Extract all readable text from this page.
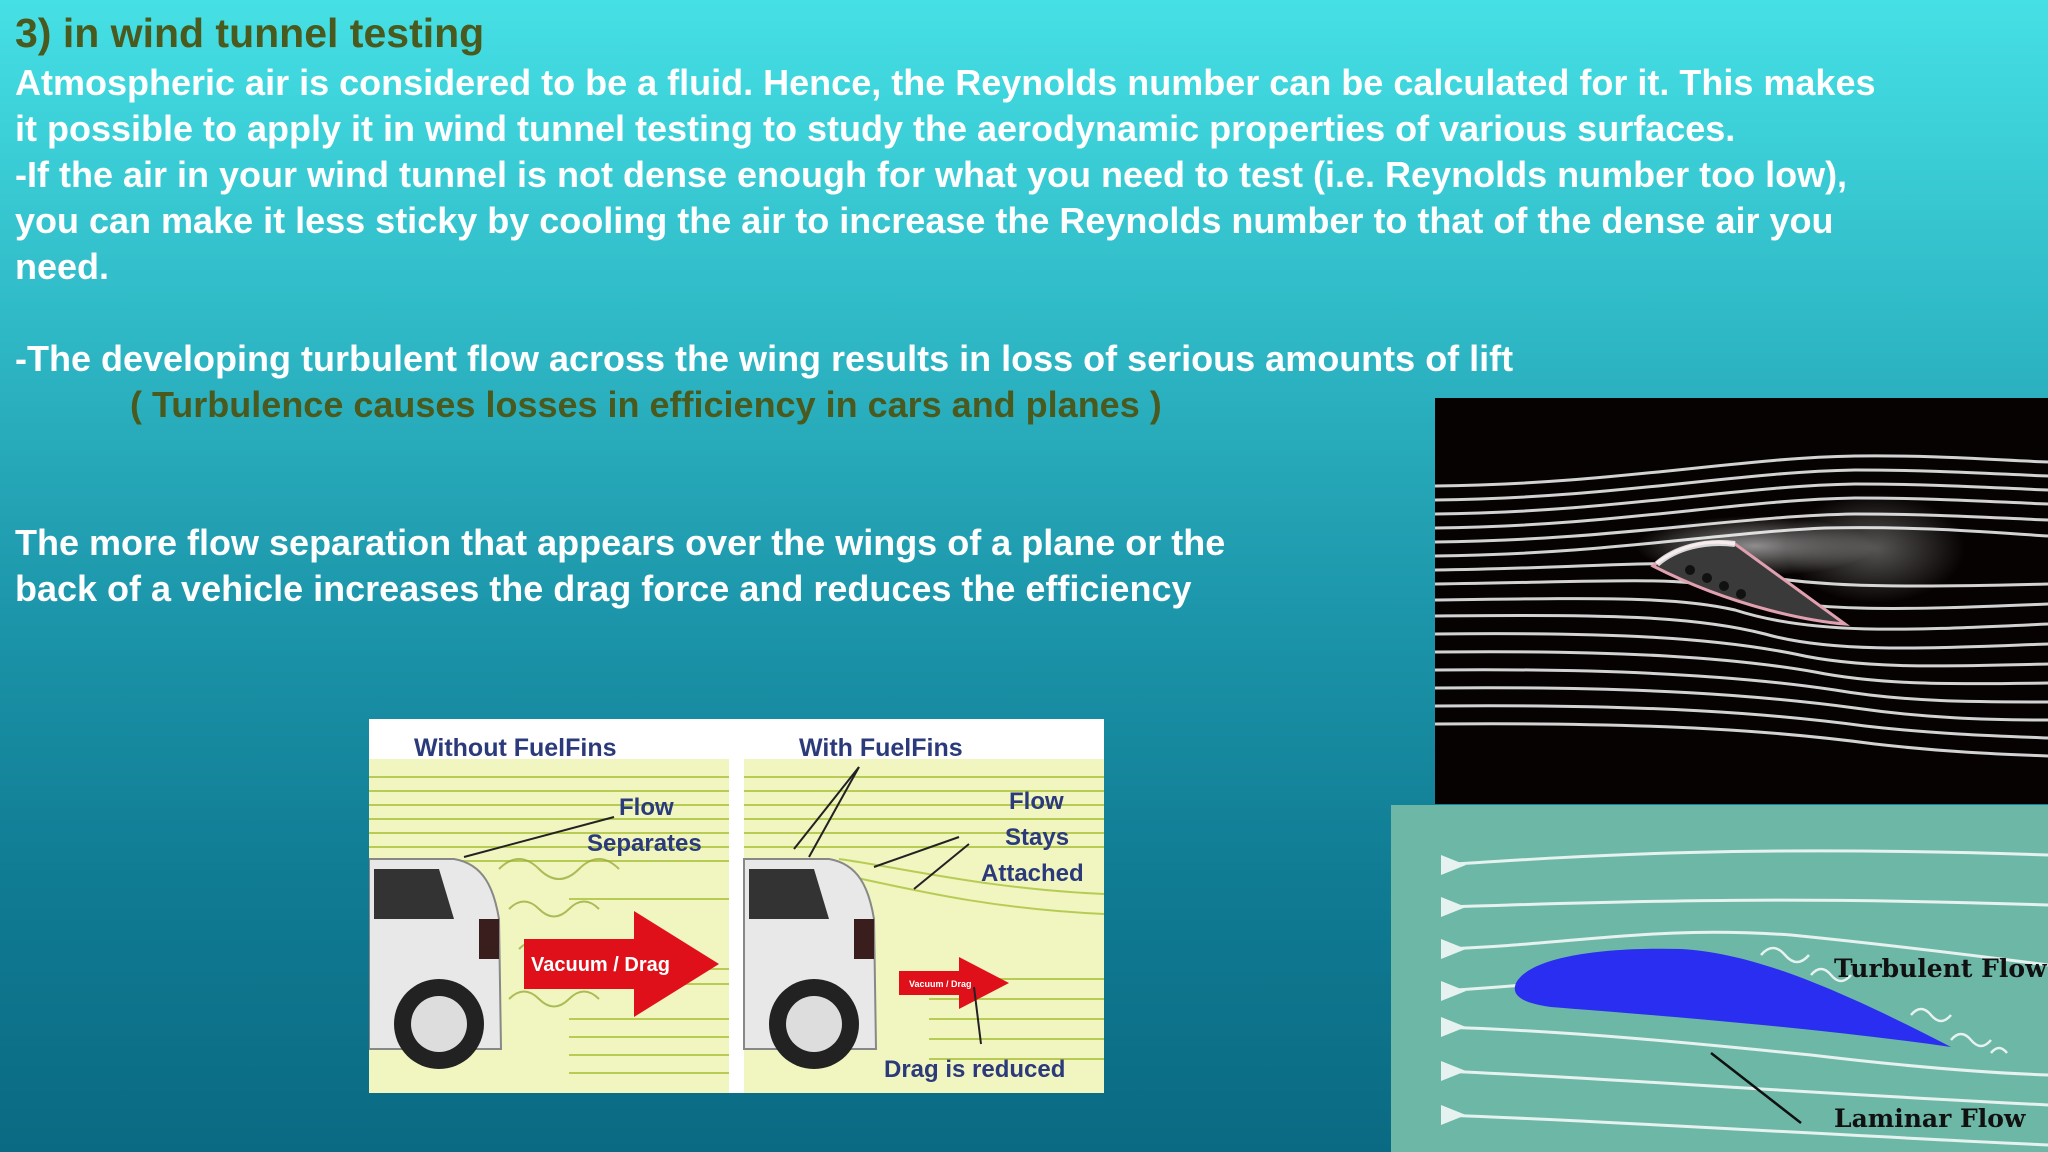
3) in wind tunnel testing
Atmospheric air is considered to be a fluid. Hence, the Reynolds number can be calculated for it. This makes
it possible to apply it in wind tunnel testing to study the aerodynamic properties of various surfaces.
-If the air in your wind tunnel is not dense enough for what you need to test (i.e. Reynolds number too low),
you can make it less sticky by cooling the air to increase the Reynolds number to that of the dense air you
need.
-The developing turbulent flow across the wing results in loss of serious amounts of lift
( Turbulence causes losses in efficiency in cars and planes )
The more flow separation that appears over the wings of a plane or the
back of a vehicle increases the drag force and reduces the efficiency
Vacuum / Drag
Vacuum / Drag
Without FuelFins	With FuelFins
Flow
Separates
Flow
Stays
Attached
Drag is reduced
Turbulent Flow
Laminar Flow
